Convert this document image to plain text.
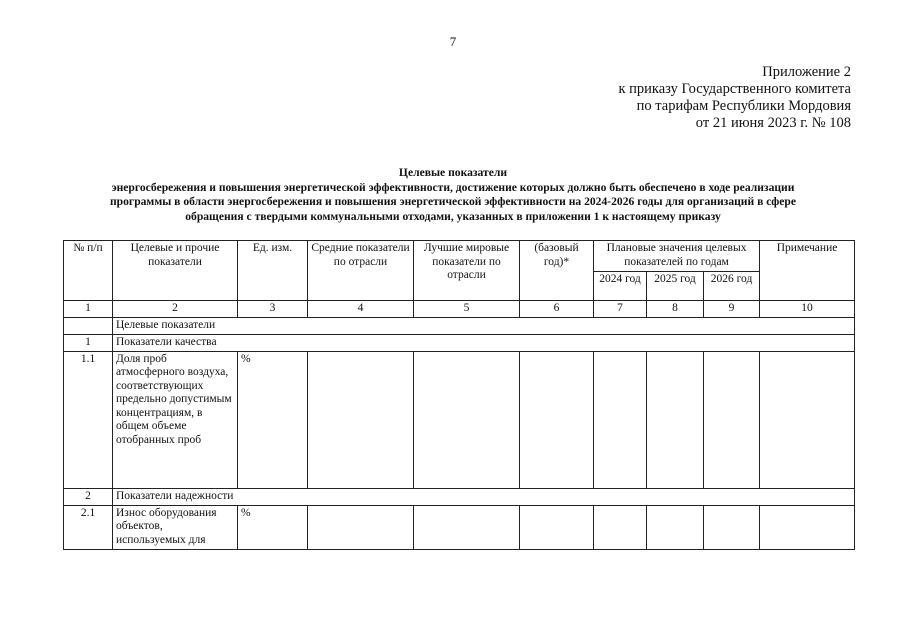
7
Приложение 2
к приказу Государственного комитета
по тарифам Республики Мордовия
от 21 июня 2023 г. № 108
Целевые показатели
энергосбережения и повышения энергетической эффективности, достижение которых должно быть обеспечено в ходе реализации
программы в области энергосбережения и повышения энергетической эффективности на 2024-2026 годы для организаций в сфере
обращения с твердыми коммунальными отходами, указанных в приложении 1 к настоящему приказу
№ п/п	Целевые и прочие показатели	Ед. изм.	Средние показатели по отрасли	Лучшие мировые показатели по отрасли	(базовый год)*	Плановые значения целевых показателей по годам			Примечание
						2024 год	2025 год	2026 год	
1	2	3	4	5	6	7	8	9	10
	Целевые показатели								
1	Показатели качества								
1.1	Доля проб атмосферного воздуха, соответствующих предельно допустимым концентрациям, в общем объеме отобранных проб	%							
2	Показатели надежности								
2.1	Износ оборудования объектов, используемых для	%							
